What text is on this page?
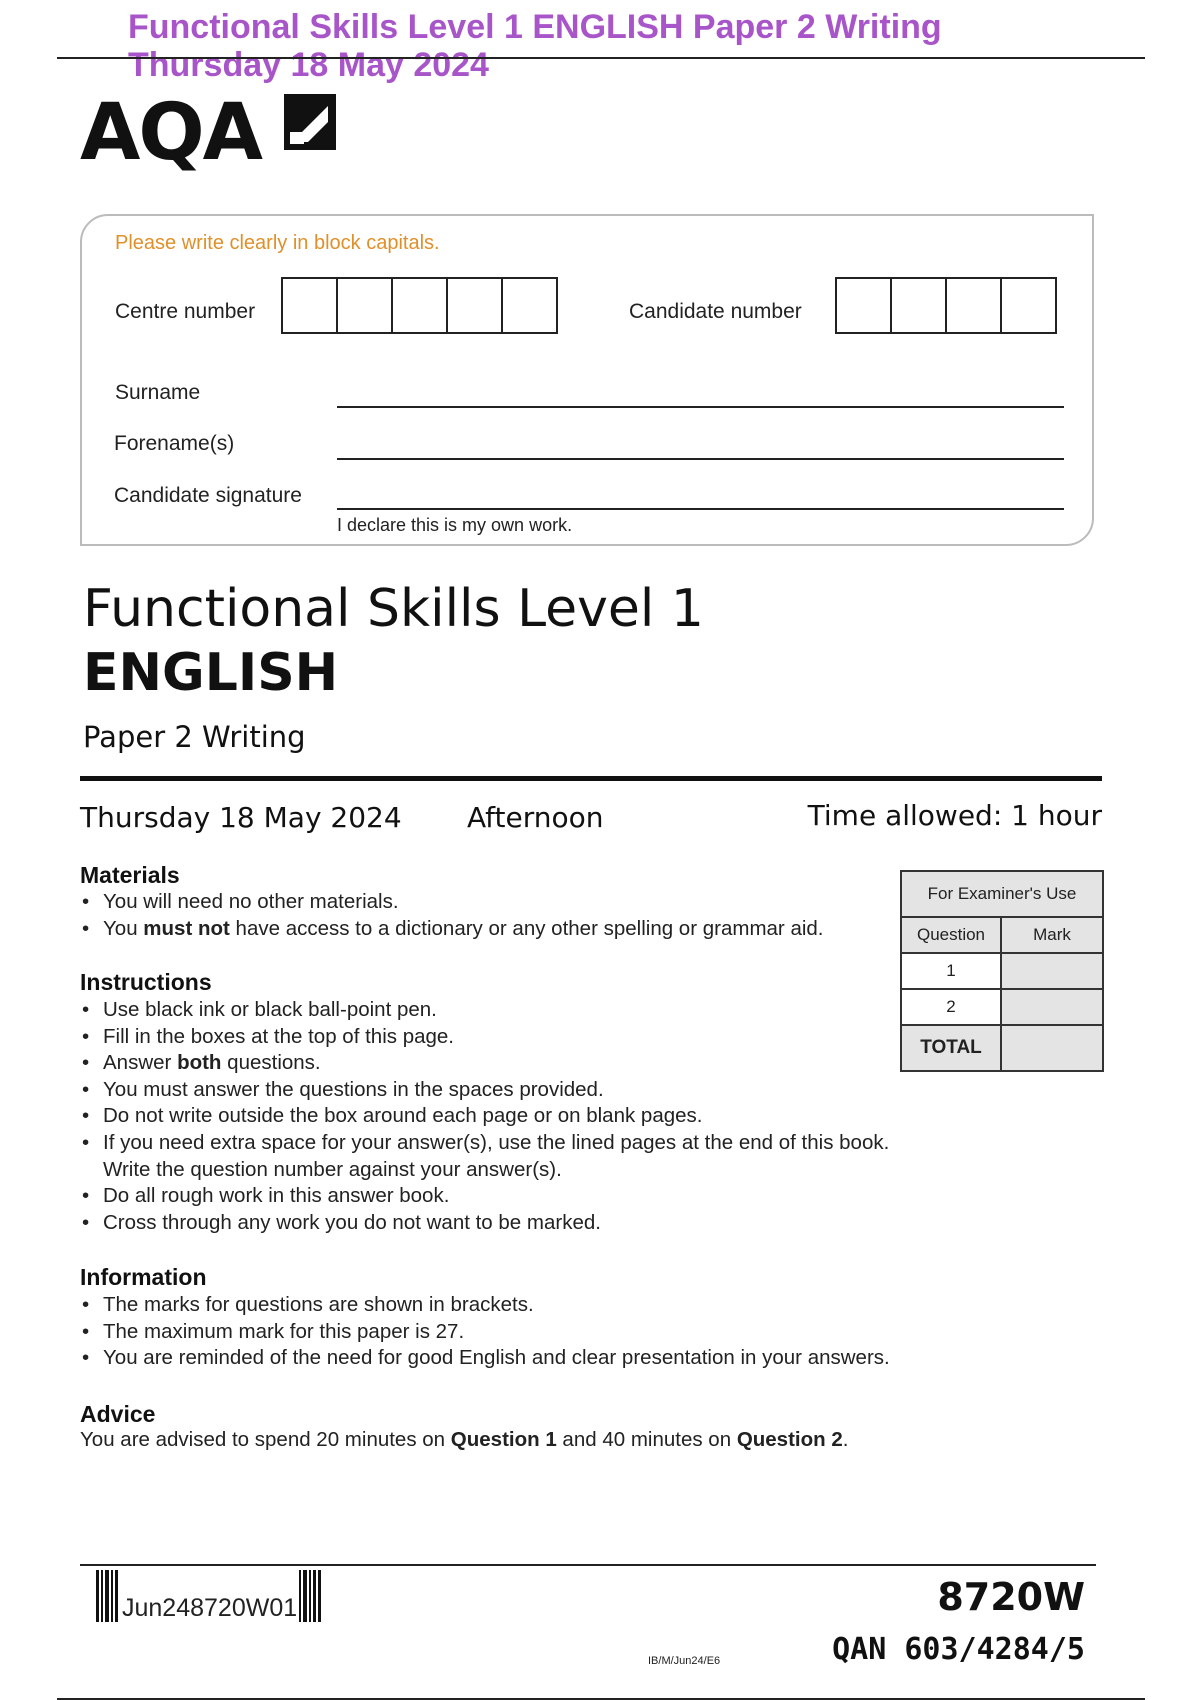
Functional Skills Level 1 ENGLISH Paper 2 Writing
Thursday 18 May 2024
AQA
Please write clearly in block capitals.
Centre number	Candidate number
Surname
Forename(s)
Candidate signature
I declare this is my own work.
Functional Skills Level 1
ENGLISH
Paper 2 Writing
Thursday 18 May 2024 Afternoon	Time allowed: 1 hour
Materials
• You will need no other materials.
• You must not have access to a dictionary or any other spelling or grammar aid.
Instructions
• Use black ink or black ball-point pen.
• Fill in the boxes at the top of this page.
• Answer both questions.
• You must answer the questions in the spaces provided.
• Do not write outside the box around each page or on blank pages.
• If you need extra space for your answer(s), use the lined pages at the end of this book.
Write the question number against your answer(s).
• Do all rough work in this answer book.
• Cross through any work you do not want to be marked.
Information
• The marks for questions are shown in brackets.
• The maximum mark for this paper is 27.
• You are reminded of the need for good English and clear presentation in your answers.
Advice
You are advised to spend 20 minutes on Question 1 and 40 minutes on Question 2.
For Examiner's Use	
Question	Mark
1	
2	
TOTAL	
Jun248720W01	8720W
QAN 603/4284/5
IB/M/Jun24/E6
